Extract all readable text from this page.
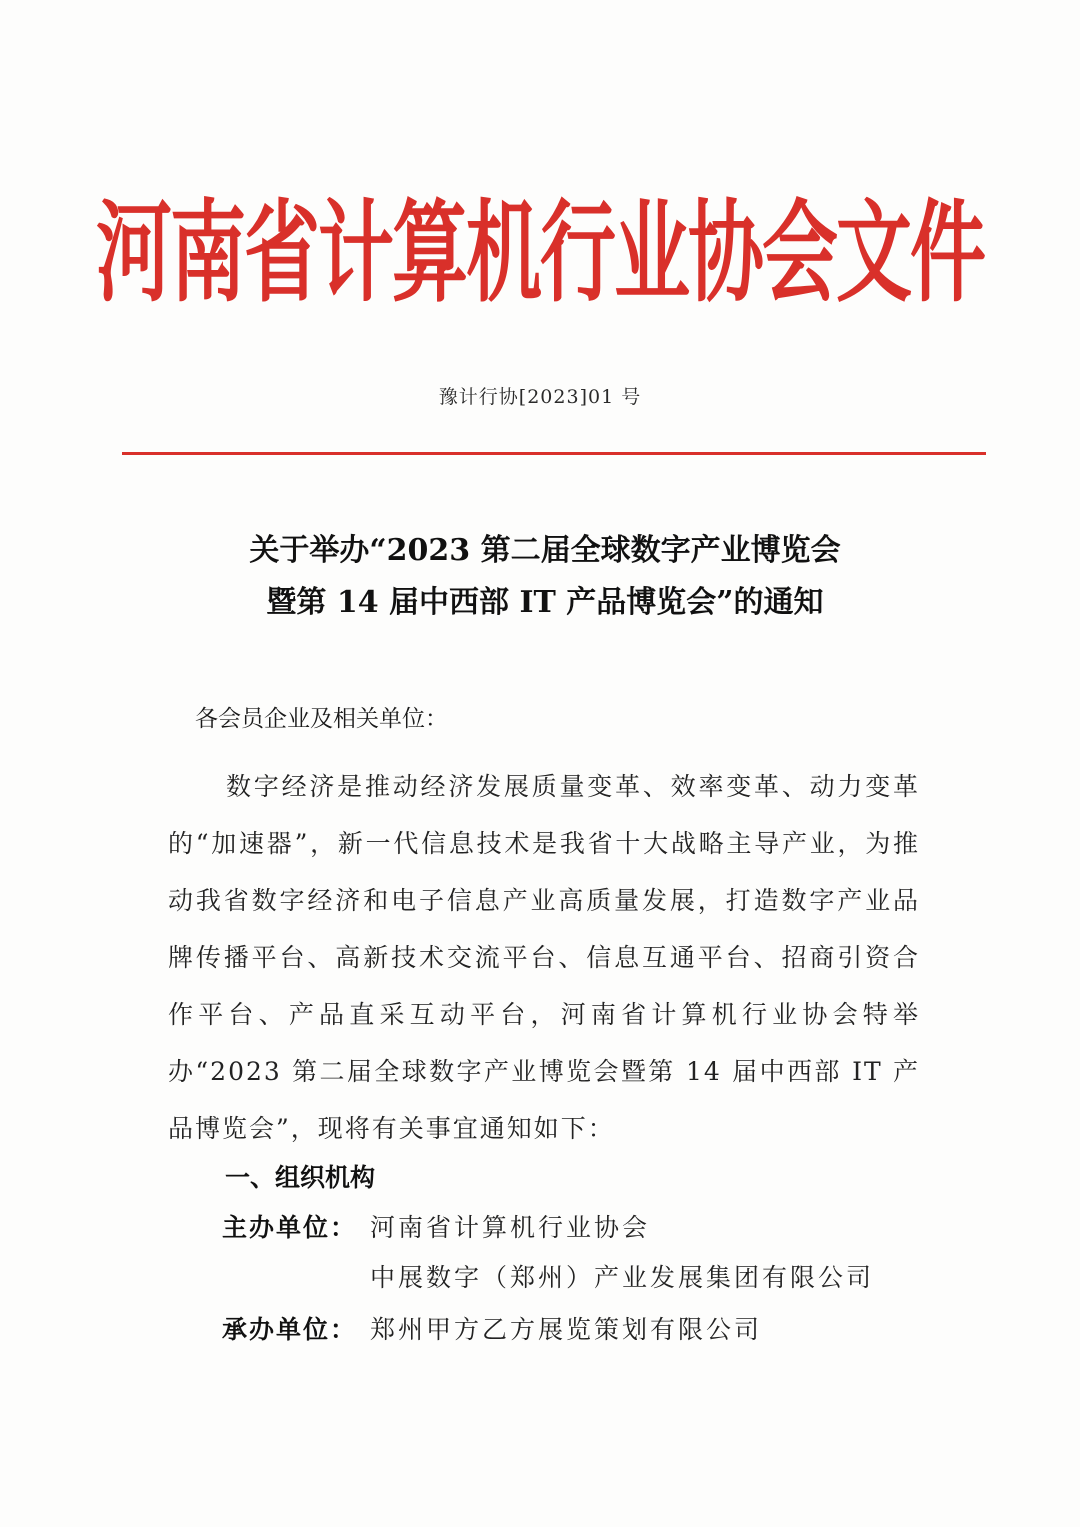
河南省计算机行业协会文件
豫计行协[2023]01 号
关于举办“2023 第二届全球数字产业博览会
暨第 14 届中西部 IT 产品博览会”的通知
各会员企业及相关单位：
数字经济是推动经济发展质量变革、效率变革、动力变革的“加速器”，新一代信息技术是我省十大战略主导产业，为推动我省数字经济和电子信息产业高质量发展，打造数字产业品牌传播平台、高新技术交流平台、信息互通平台、招商引资合作平台、产品直采互动平台，河南省计算机行业协会特举办“2023 第二届全球数字产业博览会暨第 14 届中西部 IT 产品博览会”，现将有关事宜通知如下：
一、组织机构
主办单位： 河南省计算机行业协会
中展数字（郑州）产业发展集团有限公司
承办单位： 郑州甲方乙方展览策划有限公司
